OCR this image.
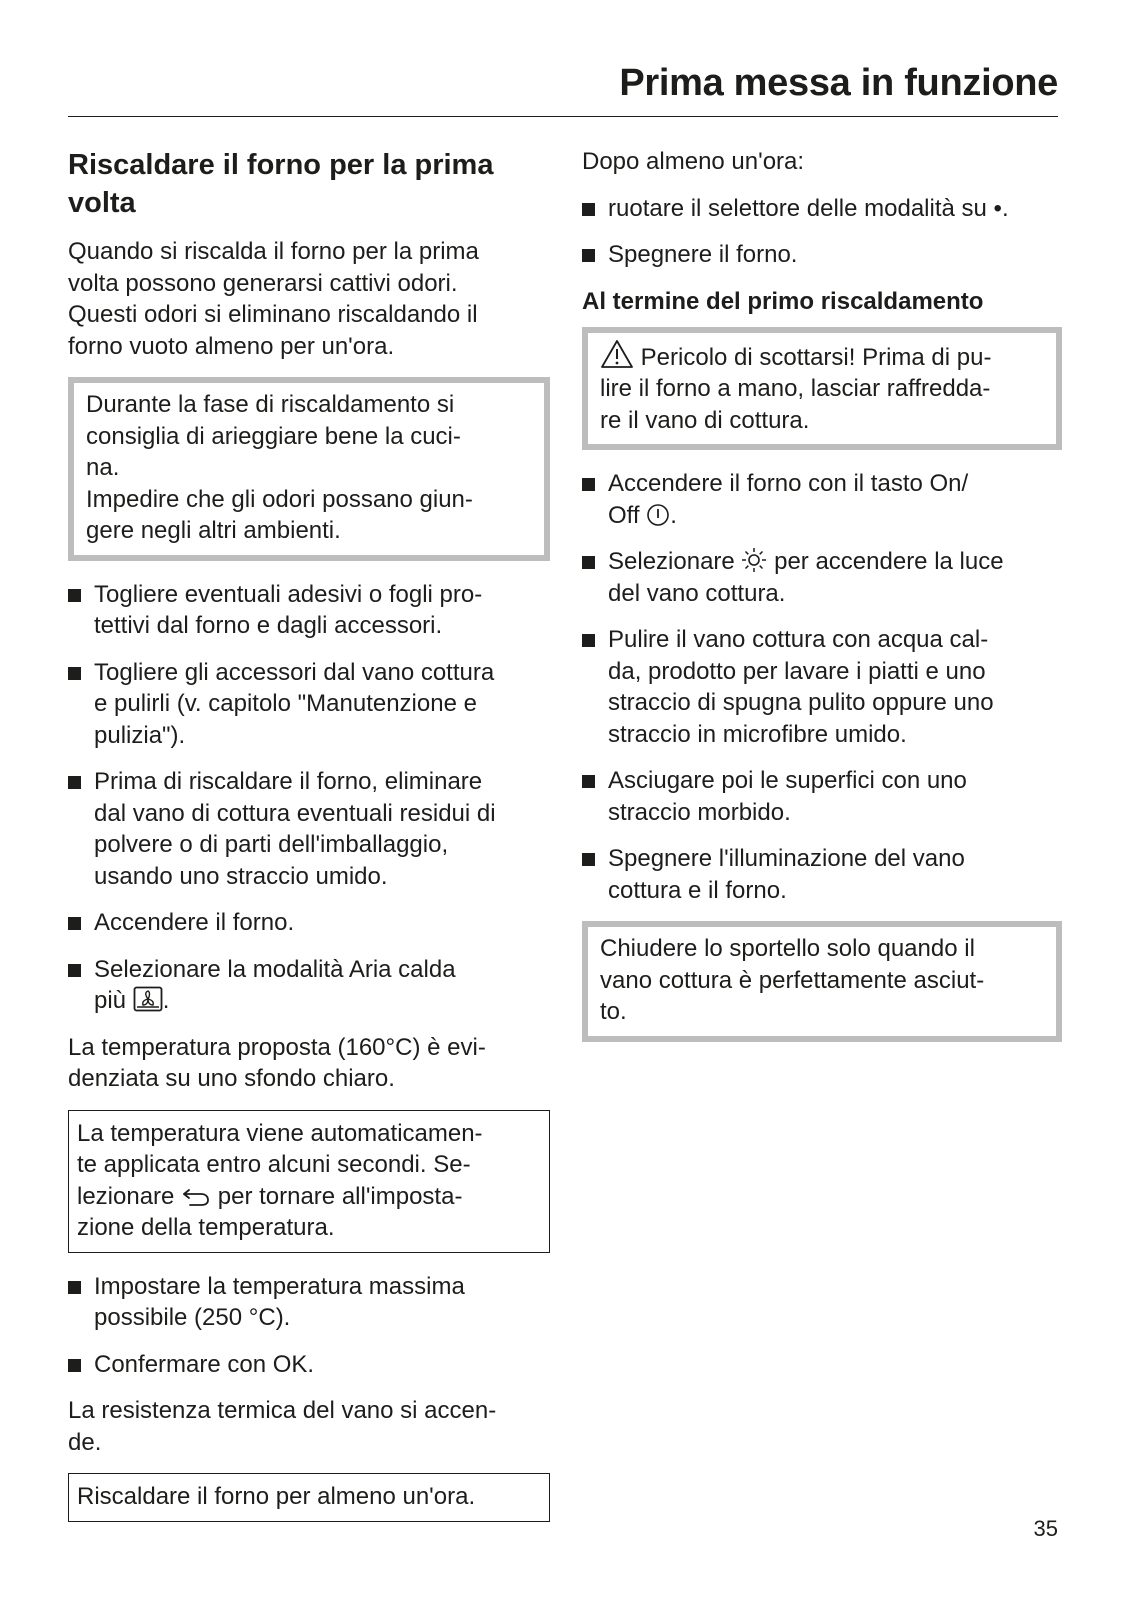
Prima messa in funzione
Riscaldare il forno per la prima
volta

Quando si riscalda il forno per la prima
volta possono generarsi cattivi odori.
Questi odori si eliminano riscaldando il
forno vuoto almeno per un'ora.

Durante la fase di riscaldamento si
consiglia di arieggiare bene la cuci-
na.
Impedire che gli odori possano giun-
gere negli altri ambienti.
Togliere eventuali adesivi o fogli pro-
tettivi dal forno e dagli accessori.
Togliere gli accessori dal vano cottura
e pulirli (v. capitolo "Manutenzione e
pulizia").
Prima di riscaldare il forno, eliminare
dal vano di cottura eventuali residui di
polvere o di parti dell'imballaggio,
usando uno straccio umido.
Accendere il forno.
Selezionare la modalità Aria calda
più .

La temperatura proposta (160°C) è evi-
denziata su uno sfondo chiaro.

La temperatura viene automaticamen-
te applicata entro alcuni secondi. Se-
lezionare per tornare all'imposta-
zione della temperatura.
Impostare la temperatura massima
possibile (250 °C).
Confermare con OK.

La resistenza termica del vano si accen-
de.

Riscaldare il forno per almeno un'ora.

Dopo almeno un'ora:

ruotare il selettore delle modalità su •.
Spegnere il forno.
Al termine del primo riscaldamento
Pericolo di scottarsi! Prima di pu-
lire il forno a mano, lasciar raffredda-
re il vano di cottura.
Accendere il forno con il tasto On/
Off .
Selezionare per accendere la luce
del vano cottura.
Pulire il vano cottura con acqua cal-
da, prodotto per lavare i piatti e uno
straccio di spugna pulito oppure uno
straccio in microfibre umido.
Asciugare poi le superfici con uno
straccio morbido.
Spegnere l'illuminazione del vano
cottura e il forno.
Chiudere lo sportello solo quando il
vano cottura è perfettamente asciut-
to.
35
